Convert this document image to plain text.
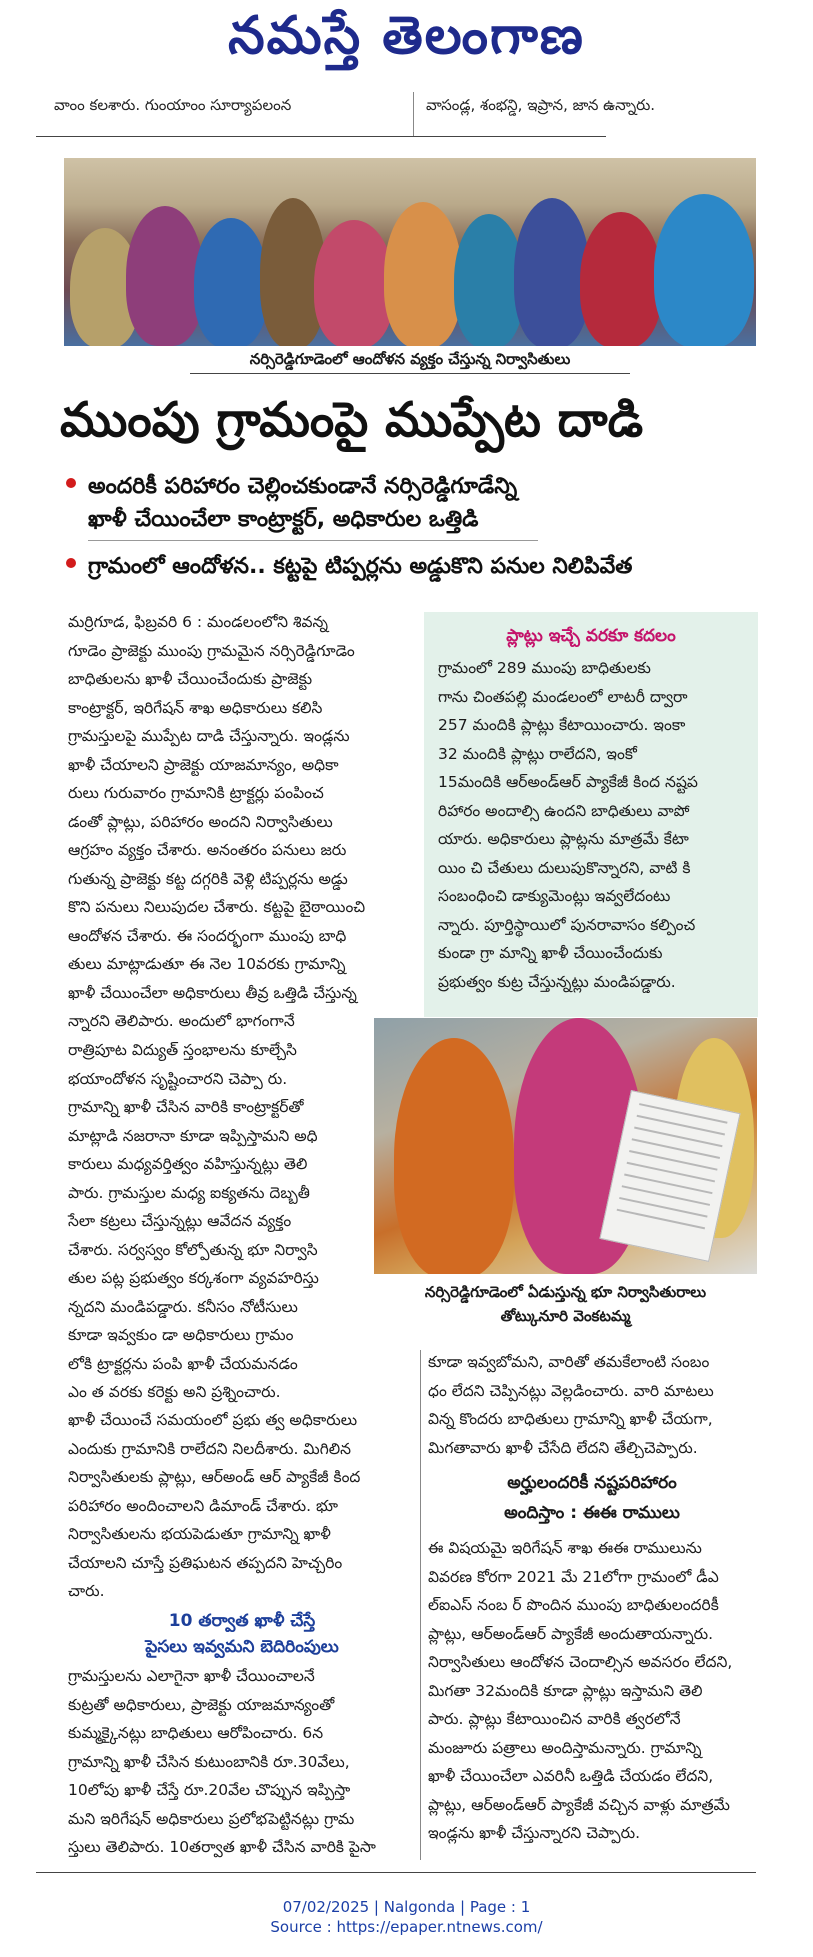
నమస్తే తెలంగాణ
వాంం కలశారు. గుంయాంం సూర్యాపలంన	వాసండ్ల, శంభన్డి, ఇప్రాన, జాన ఉన్నారు.
నర్సిరెడ్డిగూడెంలో ఆందోళన వ్యక్తం చేస్తున్న నిర్వాసితులు
ముంపు గ్రామంపై ముప్పేట దాడి
అందరికీ పరిహారం చెల్లించకుండానే నర్సిరెడ్డిగూడేన్ని
ఖాళీ చేయించేలా కాంట్రాక్టర్, అధికారుల ఒత్తిడి
గ్రామంలో ఆందోళన.. కట్టపై టిప్పర్లను అడ్డుకొని పనుల నిలిపివేత

మర్రిగూడ, ఫిబ్రవరి 6 : మండలంలోని శివన్న

గూడెం ప్రాజెక్టు ముంపు గ్రామమైన నర్సిరెడ్డిగూడెం

బాధితులను ఖాళీ చేయించేందుకు ప్రాజెక్టు

కాంట్రాక్టర్, ఇరిగేషన్ శాఖ అధికారులు కలిసి

గ్రామస్తులపై ముప్పేట దాడి చేస్తున్నారు. ఇండ్లను

ఖాళీ చేయాలని ప్రాజెక్టు యాజమాన్యం, అధికా

రులు గురువారం గ్రామానికి ట్రాక్టర్లు పంపించ

డంతో ప్లాట్లు, పరిహారం అందని నిర్వాసితులు

ఆగ్రహం వ్యక్తం చేశారు. అనంతరం పనులు జరు

గుతున్న ప్రాజెక్టు కట్ట దగ్గరికి వెళ్లి టిప్పర్లను అడ్డు

కొని పనులు నిలుపుదల చేశారు. కట్టపై బైఠాయించి

ఆందోళన చేశారు. ఈ సందర్భంగా ముంపు బాధి

తులు మాట్లాడుతూ ఈ నెల 10వరకు గ్రామాన్ని

ఖాళీ చేయించేలా అధికారులు తీవ్ర ఒత్తిడి చేస్తున్న

న్నారని తెలిపారు. అందులో భాగంగానే

రాత్రిపూట విద్యుత్ స్తంభాలను కూల్చేసి

భయాందోళన సృష్టించారని చెప్పా రు.

గ్రామాన్ని ఖాళీ చేసిన వారికి కాంట్రాక్టర్‌తో

మాట్లాడి నజరానా కూడా ఇప్పిస్తామని అధి

కారులు మధ్యవర్తిత్వం వహిస్తున్నట్లు తెలి

పారు. గ్రామస్తుల మధ్య ఐక్యతను దెబ్బతీ

సేలా కట్రలు చేస్తున్నట్లు ఆవేదన వ్యక్తం

చేశారు. సర్వస్వం కోల్పోతున్న భూ నిర్వాసి

తుల పట్ల ప్రభుత్వం కర్కశంగా వ్యవహరిస్తు

న్నదని మండిపడ్డారు. కనీసం నోటీసులు

కూడా ఇవ్వకుం డా అధికారులు గ్రామం

లోకి ట్రాక్టర్లను పంపి ఖాళీ చేయమనడం

ఎం త వరకు కరెక్టు అని ప్రశ్నించారు.

ఖాళీ చేయించే సమయంలో ప్రభు త్వ అధికారులు

ఎందుకు గ్రామానికి రాలేదని నిలదీశారు. మిగిలిన

నిర్వాసితులకు ప్లాట్లు, ఆర్అండ్ ఆర్ ప్యాకేజీ కింద

పరిహారం అందించాలని డిమాండ్ చేశారు. భూ

నిర్వాసితులను భయపెడుతూ గ్రామాన్ని ఖాళీ

చేయాలని చూస్తే ప్రతిఘటన తప్పదని హెచ్చరిం

చారు.

10 తర్వాత ఖాళీ చేస్తే
పైసలు ఇవ్వమని బెదిరింపులు

గ్రామస్తులను ఎలాగైనా ఖాళీ చేయించాలనే

కుట్రతో అధికారులు, ప్రాజెక్టు యాజమాన్యంతో

కుమ్మక్కైనట్లు బాధితులు ఆరోపించారు. 6న

గ్రామాన్ని ఖాళీ చేసిన కుటుంబానికి రూ.30వేలు,

10లోపు ఖాళీ చేస్తే రూ.20వేల చొప్పున ఇప్పిస్తా

మని ఇరిగేషన్ అధికారులు ప్రలోభపెట్టినట్లు గ్రామ

స్తులు తెలిపారు. 10తర్వాత ఖాళీ చేసిన వారికి పైసా

ప్లాట్లు ఇచ్చే వరకూ కదలం

గ్రామంలో 289 ముంపు బాధితులకు

గాను చింతపల్లి మండలంలో లాటరీ ద్వారా

257 మందికి ప్లాట్లు కేటాయించారు. ఇంకా

32 మందికి ప్లాట్లు రాలేదని, ఇంకో

15మందికి ఆర్అండ్ఆర్ ప్యాకేజీ కింద నష్టప

రిహారం అందాల్సి ఉందని బాధితులు వాపో

యారు. అధికారులు ప్లాట్లను మాత్రమే కేటా

యిం చి చేతులు దులుపుకొన్నారని, వాటి కి

సంబంధించి డాక్యుమెంట్లు ఇవ్వలేదంటు

న్నారు. పూర్తిస్థాయిలో పునరావాసం కల్పించ

కుండా గ్రా మాన్ని ఖాళీ చేయించేందుకు

ప్రభుత్వం కుట్ర చేస్తున్నట్లు మండిపడ్డారు.

నర్సిరెడ్డిగూడెంలో ఏడుస్తున్న భూ నిర్వాసితురాలు
తోట్కునూరి వెంకటమ్మ

కూడా ఇవ్వబోమని, వారితో తమకేలాంటి సంబం

ధం లేదని చెప్పినట్లు వెల్లడించారు. వారి మాటలు

విన్న కొందరు బాధితులు గ్రామాన్ని ఖాళీ చేయగా,

మిగతావారు ఖాళీ చేసేది లేదని తేల్చిచెప్పారు.

అర్హులందరికీ నష్టపరిహారం
అందిస్తాం : ఈఈ రాములు

ఈ విషయమై ఇరిగేషన్ శాఖ ఈఈ రాములును

వివరణ కోరగా 2021 మే 21లోగా గ్రామంలో డీఎ

ల్ఐఎస్ నంబ ర్ పొందిన ముంపు బాధితులందరికీ

ప్లాట్లు, ఆర్అండ్ఆర్ ప్యాకేజీ అందుతాయన్నారు.

నిర్వాసితులు ఆందోళన చెందాల్సిన అవసరం లేదని,

మిగతా 32మందికి కూడా ప్లాట్లు ఇస్తామని తెలి

పారు. ప్లాట్లు కేటాయించిన వారికి త్వరలోనే

మంజూరు పత్రాలు అందిస్తామన్నారు. గ్రామాన్ని

ఖాళీ చేయించేలా ఎవరినీ ఒత్తిడి చేయడం లేదని,

ప్లాట్లు, ఆర్అండ్ఆర్ ప్యాకేజీ వచ్చిన వాళ్లు మాత్రమే

ఇండ్లను ఖాళీ చేస్తున్నారని చెప్పారు.

07/02/2025 | Nalgonda | Page : 1
Source : https://epaper.ntnews.com/
